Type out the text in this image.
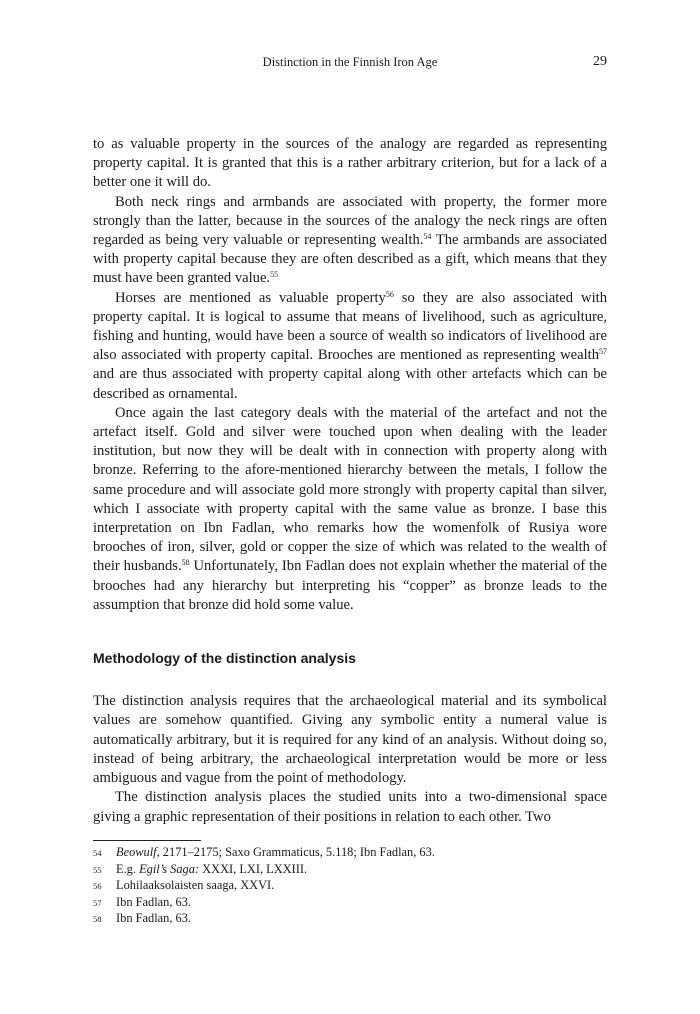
Distinction in the Finnish Iron Age	29

to as valuable property in the sources of the analogy are regarded as representing property capital. It is granted that this is a rather arbitrary criterion, but for a lack of a better one it will do.

Both neck rings and armbands are associated with property, the former more strongly than the latter, because in the sources of the analogy the neck rings are often regarded as being very valuable or representing wealth.$^{54}$ The armbands are associated with property capital because they are often described as a gift, which means that they must have been granted value.$^{55}$

Horses are mentioned as valuable property$^{56}$ so they are also associated with property capital. It is logical to assume that means of livelihood, such as agriculture, fishing and hunting, would have been a source of wealth so indicators of livelihood are also associated with property capital. Brooches are mentioned as representing wealth$^{57}$ and are thus associated with property capital along with other artefacts which can be described as ornamental.

Once again the last category deals with the material of the artefact and not the artefact itself. Gold and silver were touched upon when dealing with the leader institution, but now they will be dealt with in connection with property along with bronze. Referring to the afore-mentioned hierarchy between the metals, I follow the same procedure and will associate gold more strongly with property capital than silver, which I associate with property capital with the same value as bronze. I base this interpretation on Ibn Fadlan, who remarks how the womenfolk of Rusiya wore brooches of iron, silver, gold or copper the size of which was related to the wealth of their husbands.$^{58}$ Unfortunately, Ibn Fadlan does not explain whether the material of the brooches had any hierarchy but interpreting his “copper” as bronze leads to the assumption that bronze did hold some value.

Methodology of the distinction analysis

The distinction analysis requires that the archaeological material and its symbolical values are somehow quantified. Giving any symbolic entity a numeral value is automatically arbitrary, but it is required for any kind of an analysis. Without doing so, instead of being arbitrary, the archaeological interpretation would be more or less ambiguous and vague from the point of methodology.

The distinction analysis places the studied units into a two-dimensional space giving a graphic representation of their positions in relation to each other. Two

54	Beowulf, 2171–2175; Saxo Grammaticus, 5.118; Ibn Fadlan, 63.
55	E.g. Egil’s Saga: XXXI, LXI, LXXIII.
56	Lohilaaksolaisten saaga, XXVI.
57	Ibn Fadlan, 63.
58	Ibn Fadlan, 63.
